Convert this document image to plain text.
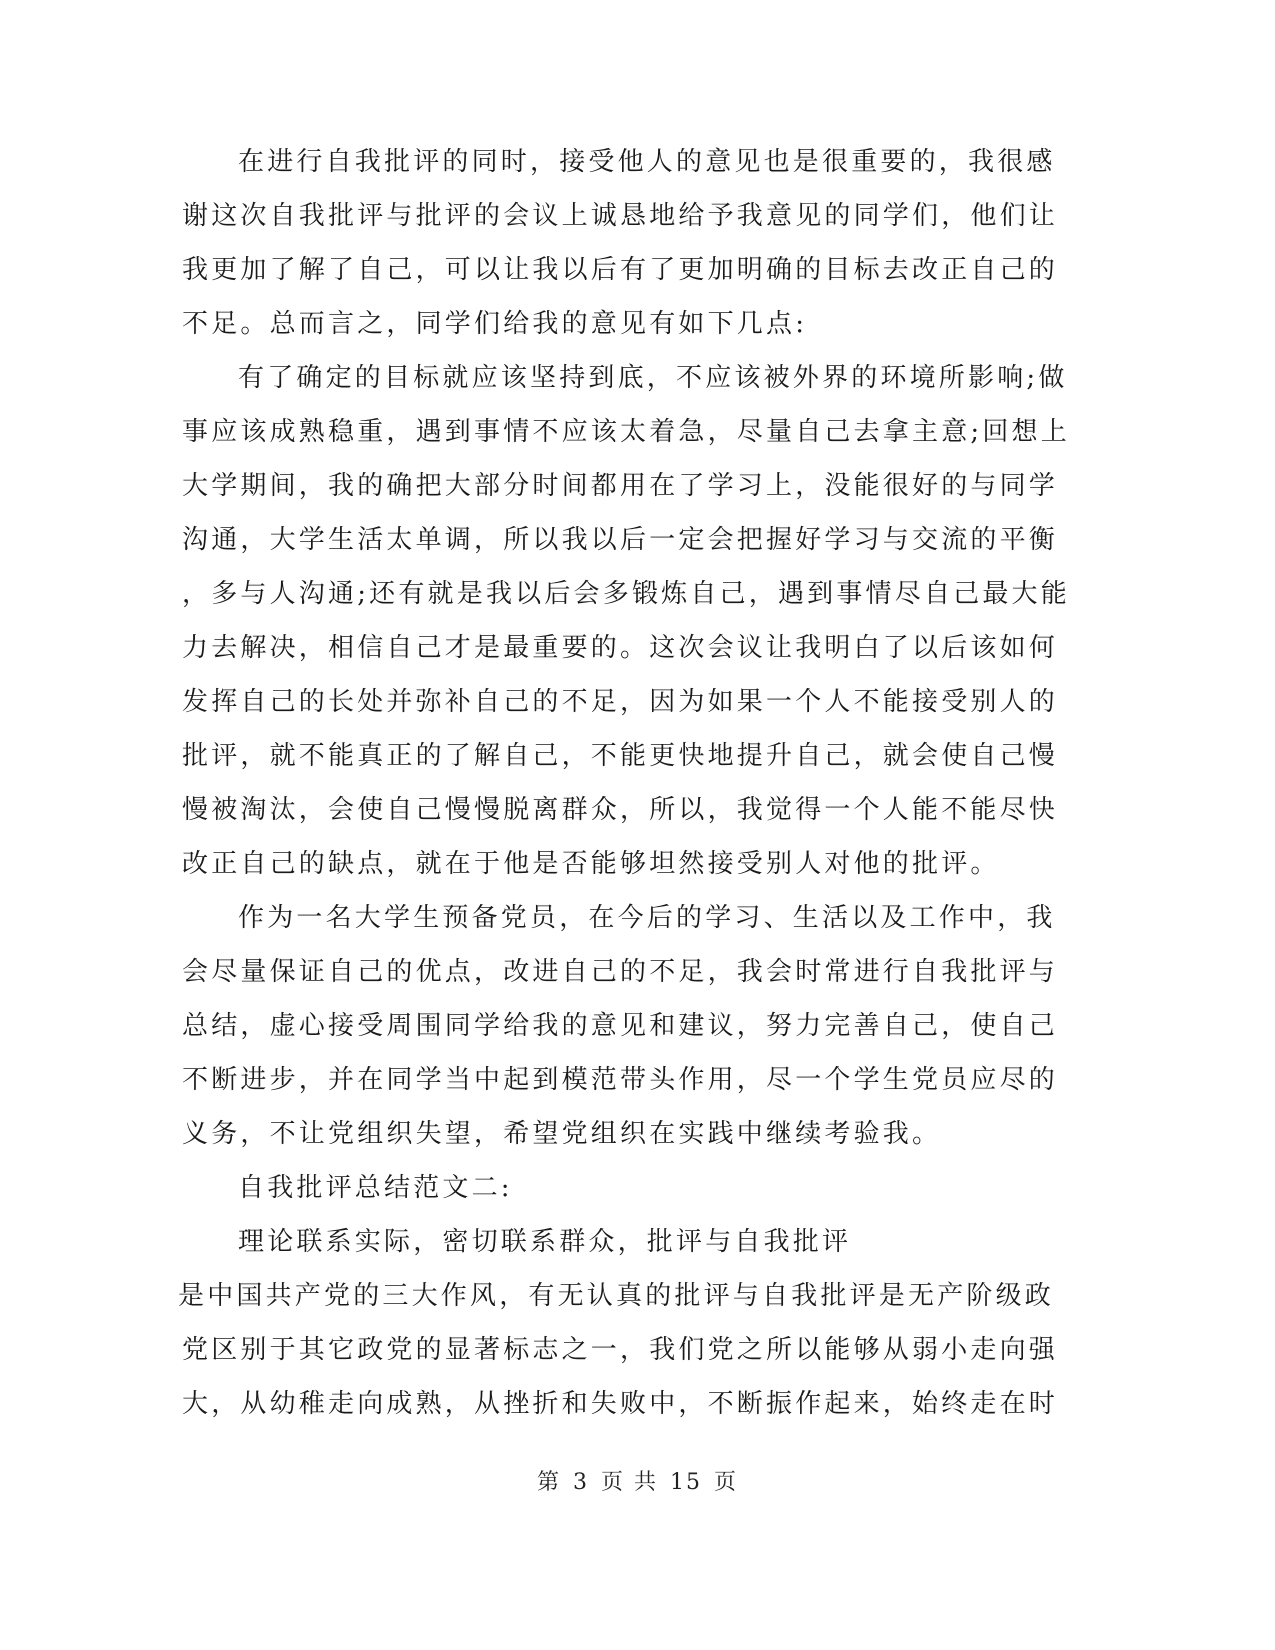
在进行自我批评的同时，接受他人的意见也是很重要的，我很感
谢这次自我批评与批评的会议上诚恳地给予我意见的同学们，他们让
我更加了解了自己，可以让我以后有了更加明确的目标去改正自己的
不足。总而言之，同学们给我的意见有如下几点:
有了确定的目标就应该坚持到底，不应该被外界的环境所影响;做
事应该成熟稳重，遇到事情不应该太着急，尽量自己去拿主意;回想上
大学期间，我的确把大部分时间都用在了学习上，没能很好的与同学
沟通，大学生活太单调，所以我以后一定会把握好学习与交流的平衡
，多与人沟通;还有就是我以后会多锻炼自己，遇到事情尽自己最大能
力去解决，相信自己才是最重要的。这次会议让我明白了以后该如何
发挥自己的长处并弥补自己的不足，因为如果一个人不能接受别人的
批评，就不能真正的了解自己，不能更快地提升自己，就会使自己慢
慢被淘汰，会使自己慢慢脱离群众，所以，我觉得一个人能不能尽快
改正自己的缺点，就在于他是否能够坦然接受别人对他的批评。
作为一名大学生预备党员，在今后的学习、生活以及工作中，我
会尽量保证自己的优点，改进自己的不足，我会时常进行自我批评与
总结，虚心接受周围同学给我的意见和建议，努力完善自己，使自己
不断进步，并在同学当中起到模范带头作用，尽一个学生党员应尽的
义务，不让党组织失望，希望党组织在实践中继续考验我。
自我批评总结范文二:
理论联系实际，密切联系群众，批评与自我批评
是中国共产党的三大作风，有无认真的批评与自我批评是无产阶级政
党区别于其它政党的显著标志之一，我们党之所以能够从弱小走向强
大，从幼稚走向成熟，从挫折和失败中，不断振作起来，始终走在时
第 3 页 共 15 页
